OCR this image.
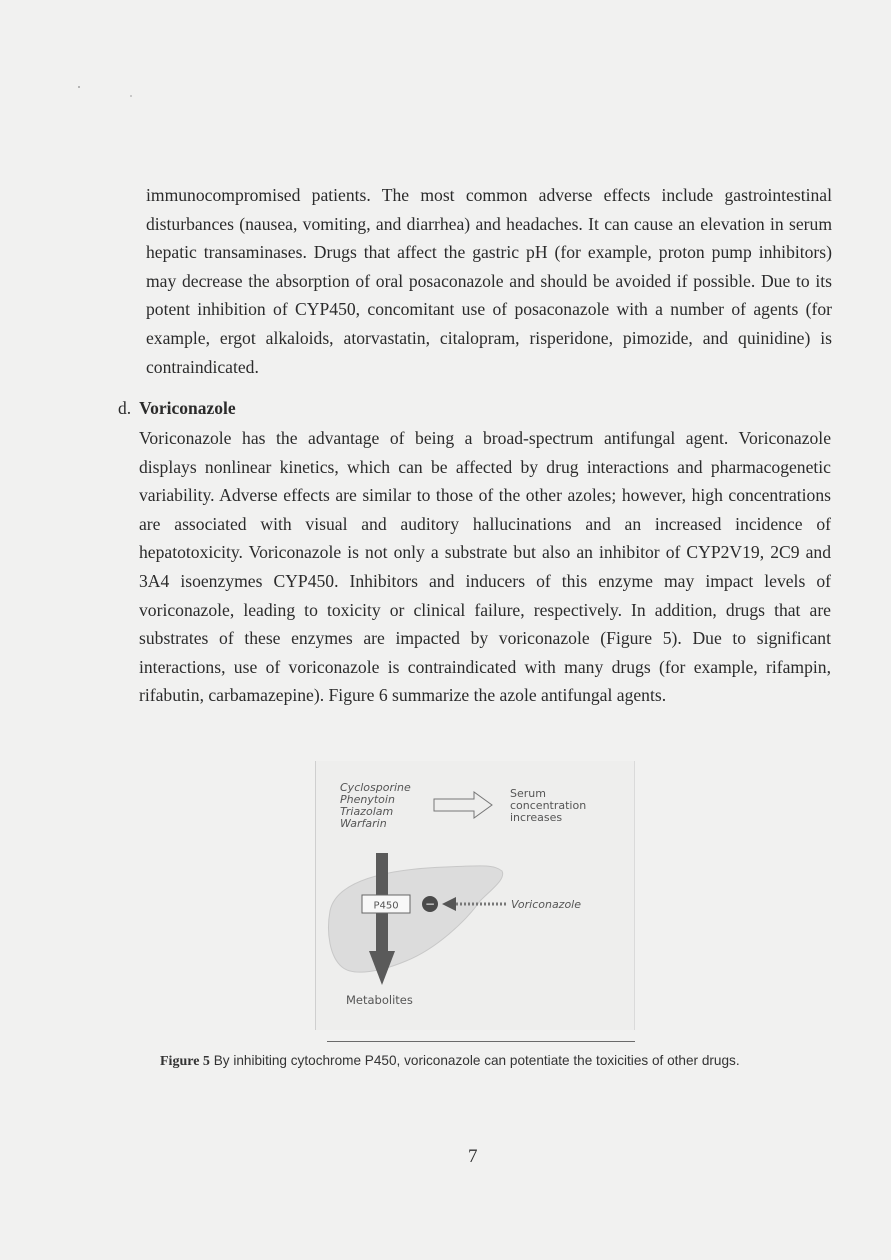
immunocompromised patients. The most common adverse effects include gastrointestinal disturbances (nausea, vomiting, and diarrhea) and headaches. It can cause an elevation in serum hepatic transaminases. Drugs that affect the gastric pH (for example, proton pump inhibitors) may decrease the absorption of oral posaconazole and should be avoided if possible. Due to its potent inhibition of CYP450, concomitant use of posaconazole with a number of agents (for example, ergot alkaloids, atorvastatin, citalopram, risperidone, pimozide, and quinidine) is contraindicated.

d. Voriconazole

Voriconazole has the advantage of being a broad-spectrum antifungal agent. Voriconazole displays nonlinear kinetics, which can be affected by drug interactions and pharmacogenetic variability. Adverse effects are similar to those of the other azoles; however, high concentrations are associated with visual and auditory hallucinations and an increased incidence of hepatotoxicity. Voriconazole is not only a substrate but also an inhibitor of CYP2V19, 2C9 and 3A4 isoenzymes CYP450. Inhibitors and inducers of this enzyme may impact levels of voriconazole, leading to toxicity or clinical failure, respectively. In addition, drugs that are substrates of these enzymes are impacted by voriconazole (Figure 5). Due to significant interactions, use of voriconazole is contraindicated with many drugs (for example, rifampin, rifabutin, carbamazepine). Figure 6 summarize the azole antifungal agents.

P450 −	Voriconazole
Cyclosporine
Phenytoin
Triazolam
Warfarin
Serum
concentration
increases
Metabolites
Figure 5 By inhibiting cytochrome P450, voriconazole can potentiate the toxicities of other drugs.
7
